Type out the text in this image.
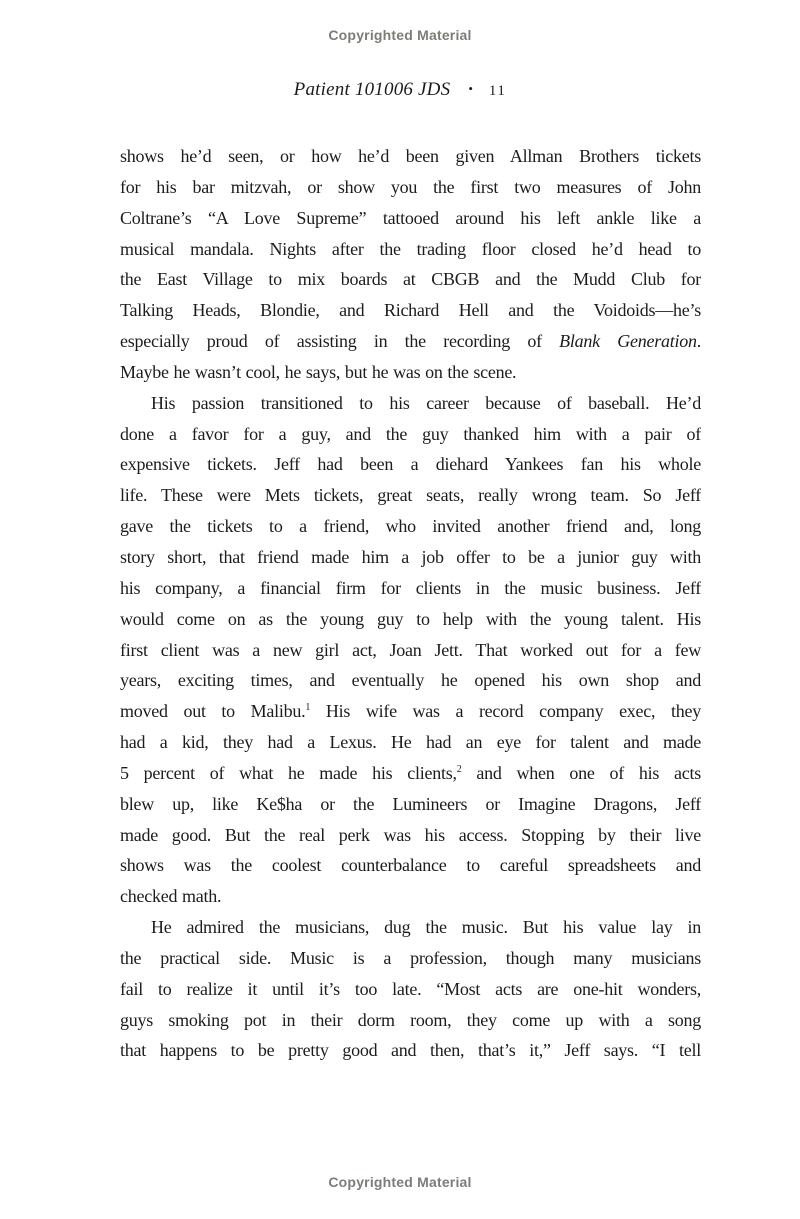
Copyrighted Material
Patient 101006 JDS • 11
shows he’d seen, or how he’d been given Allman Brothers tickets
for his bar mitzvah, or show you the first two measures of John
Coltrane’s “A Love Supreme” tattooed around his left ankle like a
musical mandala. Nights after the trading floor closed he’d head to
the East Village to mix boards at CBGB and the Mudd Club for
Talking Heads, Blondie, and Richard Hell and the Voidoids—he’s
especially proud of assisting in the recording of Blank Generation.
Maybe he wasn’t cool, he says, but he was on the scene.
His passion transitioned to his career because of baseball. He’d
done a favor for a guy, and the guy thanked him with a pair of
expensive tickets. Jeff had been a diehard Yankees fan his whole
life. These were Mets tickets, great seats, really wrong team. So Jeff
gave the tickets to a friend, who invited another friend and, long
story short, that friend made him a job offer to be a junior guy with
his company, a financial firm for clients in the music business. Jeff
would come on as the young guy to help with the young talent. His
first client was a new girl act, Joan Jett. That worked out for a few
years, exciting times, and eventually he opened his own shop and
moved out to Malibu.$^1$ His wife was a record company exec, they
had a kid, they had a Lexus. He had an eye for talent and made
5 percent of what he made his clients,$^2$ and when one of his acts
blew up, like Ke$ha or the Lumineers or Imagine Dragons, Jeff
made good. But the real perk was his access. Stopping by their live
shows was the coolest counterbalance to careful spreadsheets and
checked math.
He admired the musicians, dug the music. But his value lay in
the practical side. Music is a profession, though many musicians
fail to realize it until it’s too late. “Most acts are one-hit wonders,
guys smoking pot in their dorm room, they come up with a song
that happens to be pretty good and then, that’s it,” Jeff says. “I tell
Copyrighted Material
